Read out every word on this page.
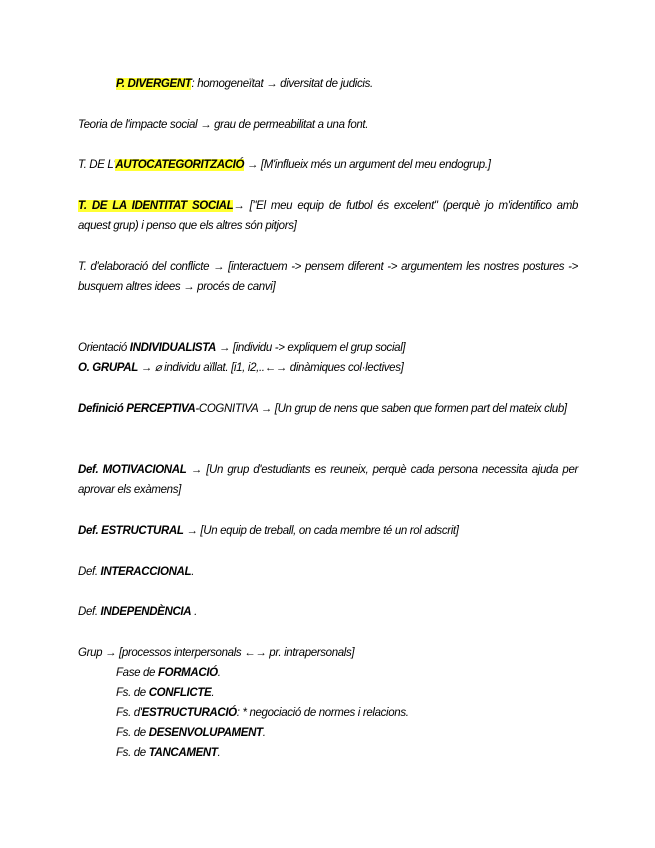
P. DIVERGENT: homogeneïtat → diversitat de judicis.
Teoria de l'impacte social → grau de permeabilitat a una font.
T. DE L'AUTOCATEGORITZACIÓ → [M'influeix més un argument del meu endogrup.]
T. DE LA IDENTITAT SOCIAL→ ["El meu equip de futbol és excelent" (perquè jo m'identifico amb aquest grup) i penso que els altres són pitjors]
T. d'elaboració del conflicte → [interactuem -> pensem diferent -> argumentem les nostres postures -> busquem altres idees → procés de canvi]
Orientació INDIVIDUALISTA → [individu -> expliquem el grup social]
O. GRUPAL → ⌀ individu aïllat. [i1, i2,..←→ dinàmiques col·lectives]
Definició PERCEPTIVA-COGNITIVA → [Un grup de nens que saben que formen part del mateix club]
Def. MOTIVACIONAL → [Un grup d'estudiants es reuneix, perquè cada persona necessita ajuda per aprovar els exàmens]
Def. ESTRUCTURAL → [Un equip de treball, on cada membre té un rol adscrit]
Def. INTERACCIONAL.
Def. INDEPENDÈNCIA .
Grup → [processos interpersonals ←→ pr. intrapersonals]
Fase de FORMACIÓ.
Fs. de CONFLICTE.
Fs. d'ESTRUCTURACIÓ: * negociació de normes i relacions.
Fs. de DESENVOLUPAMENT.
Fs. de TANCAMENT.
